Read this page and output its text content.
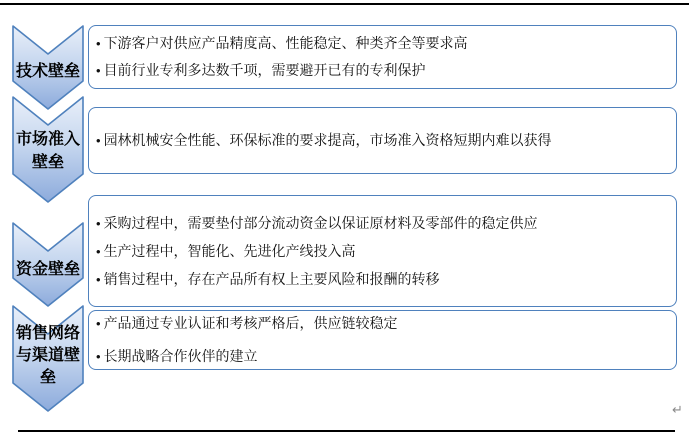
技术壁垒
• 下游客户对供应产品精度高、性能稳定、种类齐全等要求高
• 目前行业专利多达数千项，需要避开已有的专利保护
市场准入
壁垒
• 园林机械安全性能、环保标准的要求提高，市场准入资格短期内难以获得
资金壁垒
• 采购过程中，需要垫付部分流动资金以保证原材料及零部件的稳定供应
• 生产过程中，智能化、先进化产线投入高
• 销售过程中，存在产品所有权上主要风险和报酬的转移
销售网络
与渠道壁
垒
• 产品通过专业认证和考核严格后，供应链较稳定
• 长期战略合作伙伴的建立
↵
